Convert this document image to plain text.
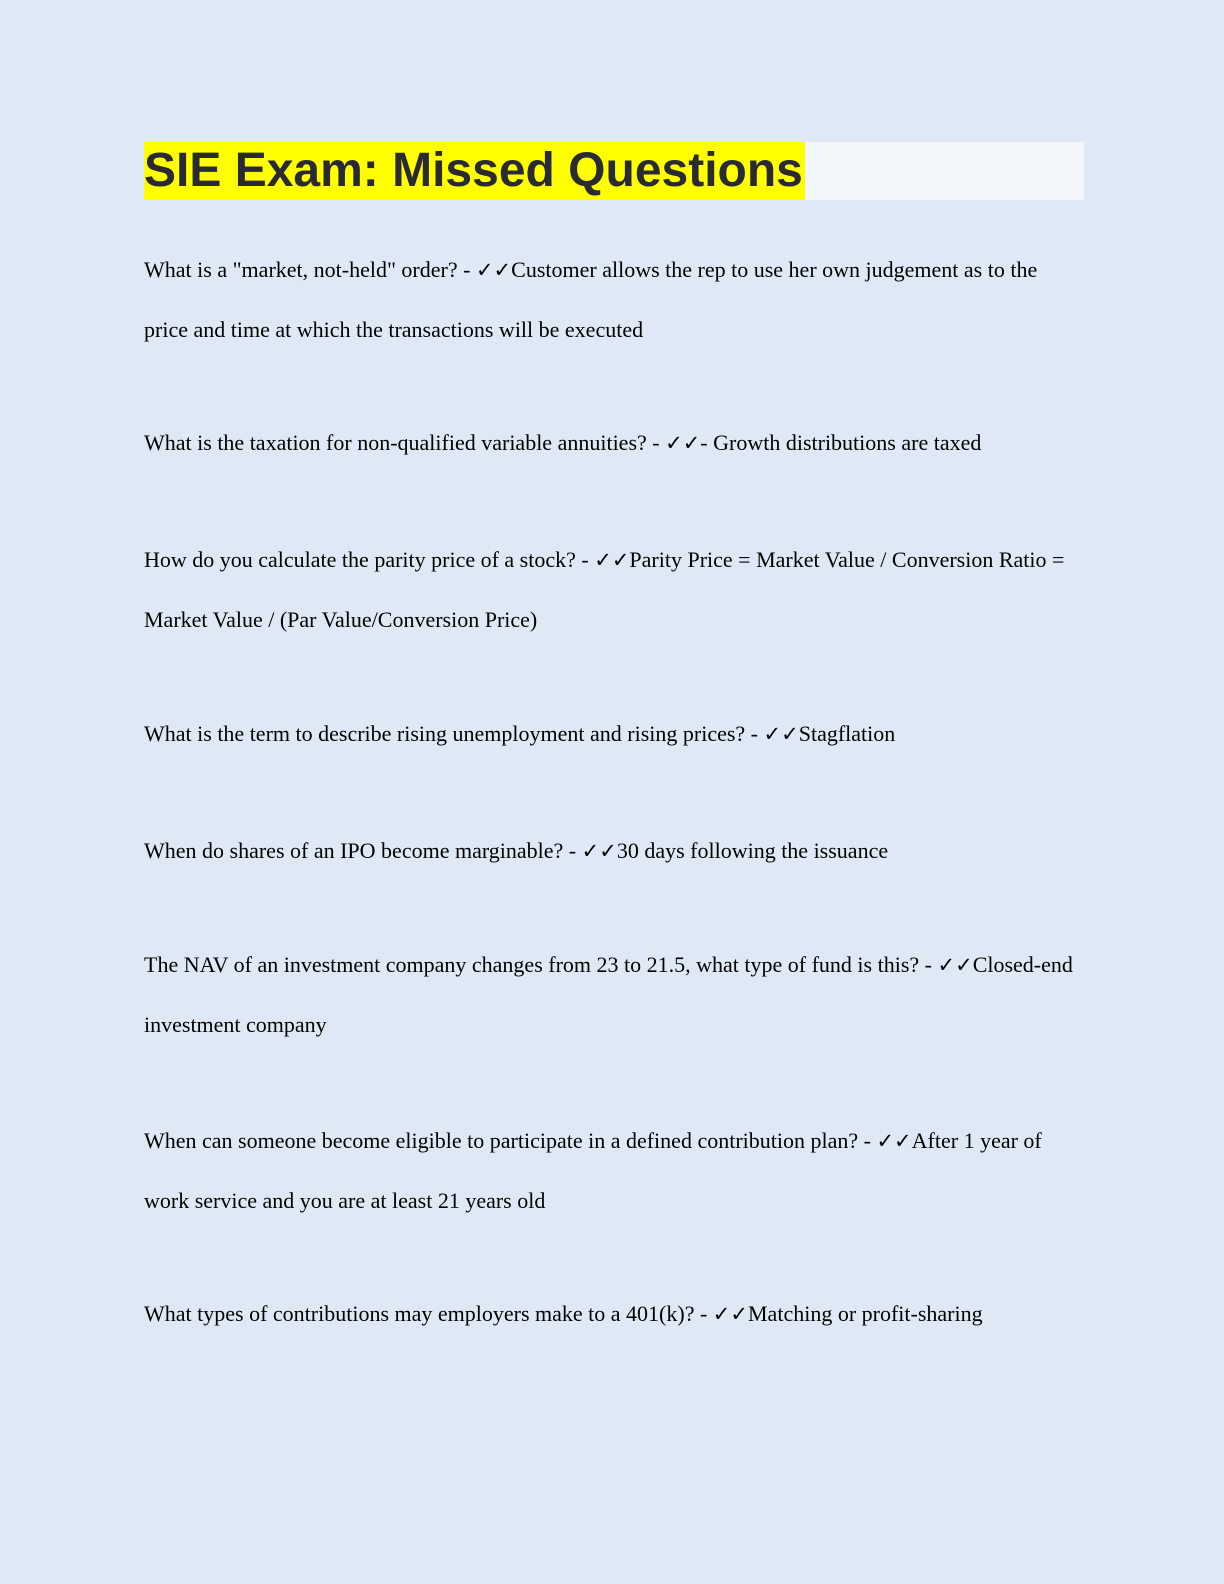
SIE Exam: Missed Questions

What is a "market, not-held" order? - ✓✓Customer allows the rep to use her own judgement as to the price and time at which the transactions will be executed

What is the taxation for non-qualified variable annuities? - ✓✓- Growth distributions are taxed

How do you calculate the parity price of a stock? - ✓✓Parity Price = Market Value / Conversion Ratio = Market Value / (Par Value/Conversion Price)

What is the term to describe rising unemployment and rising prices? - ✓✓Stagflation

When do shares of an IPO become marginable? - ✓✓30 days following the issuance

The NAV of an investment company changes from 23 to 21.5, what type of fund is this? - ✓✓Closed-end investment company

When can someone become eligible to participate in a defined contribution plan? - ✓✓After 1 year of work service and you are at least 21 years old

What types of contributions may employers make to a 401(k)? - ✓✓Matching or profit-sharing
